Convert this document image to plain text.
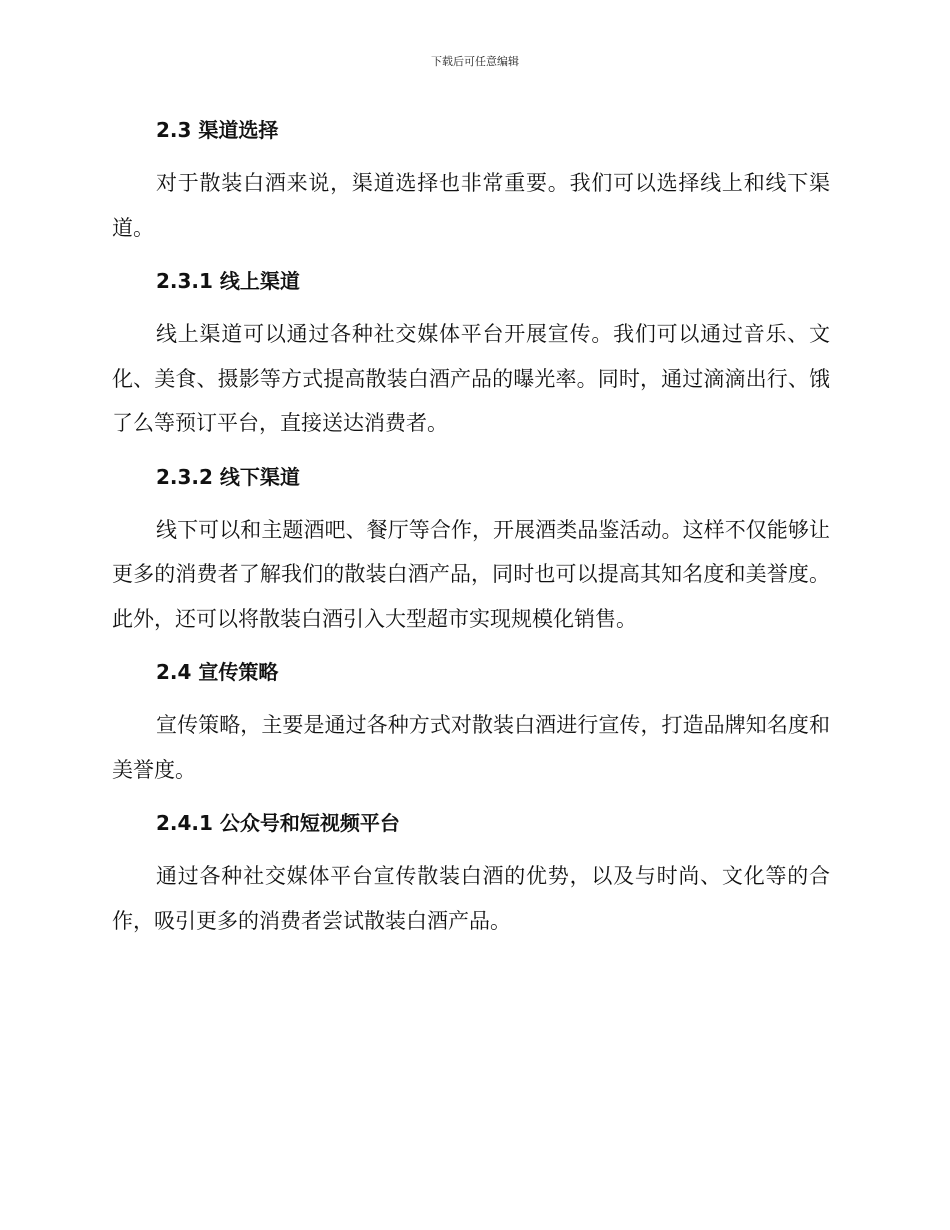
下载后可任意编辑
2.3 渠道选择
对于散装白酒来说，渠道选择也非常重要。我们可以选择线上和线下渠道。
2.3.1 线上渠道
线上渠道可以通过各种社交媒体平台开展宣传。我们可以通过音乐、文化、美食、摄影等方式提高散装白酒产品的曝光率。同时，通过滴滴出行、饿了么等预订平台，直接送达消费者。
2.3.2 线下渠道
线下可以和主题酒吧、餐厅等合作，开展酒类品鉴活动。这样不仅能够让更多的消费者了解我们的散装白酒产品，同时也可以提高其知名度和美誉度。此外，还可以将散装白酒引入大型超市实现规模化销售。
2.4 宣传策略
宣传策略，主要是通过各种方式对散装白酒进行宣传，打造品牌知名度和美誉度。
2.4.1 公众号和短视频平台
通过各种社交媒体平台宣传散装白酒的优势，以及与时尚、文化等的合作，吸引更多的消费者尝试散装白酒产品。
